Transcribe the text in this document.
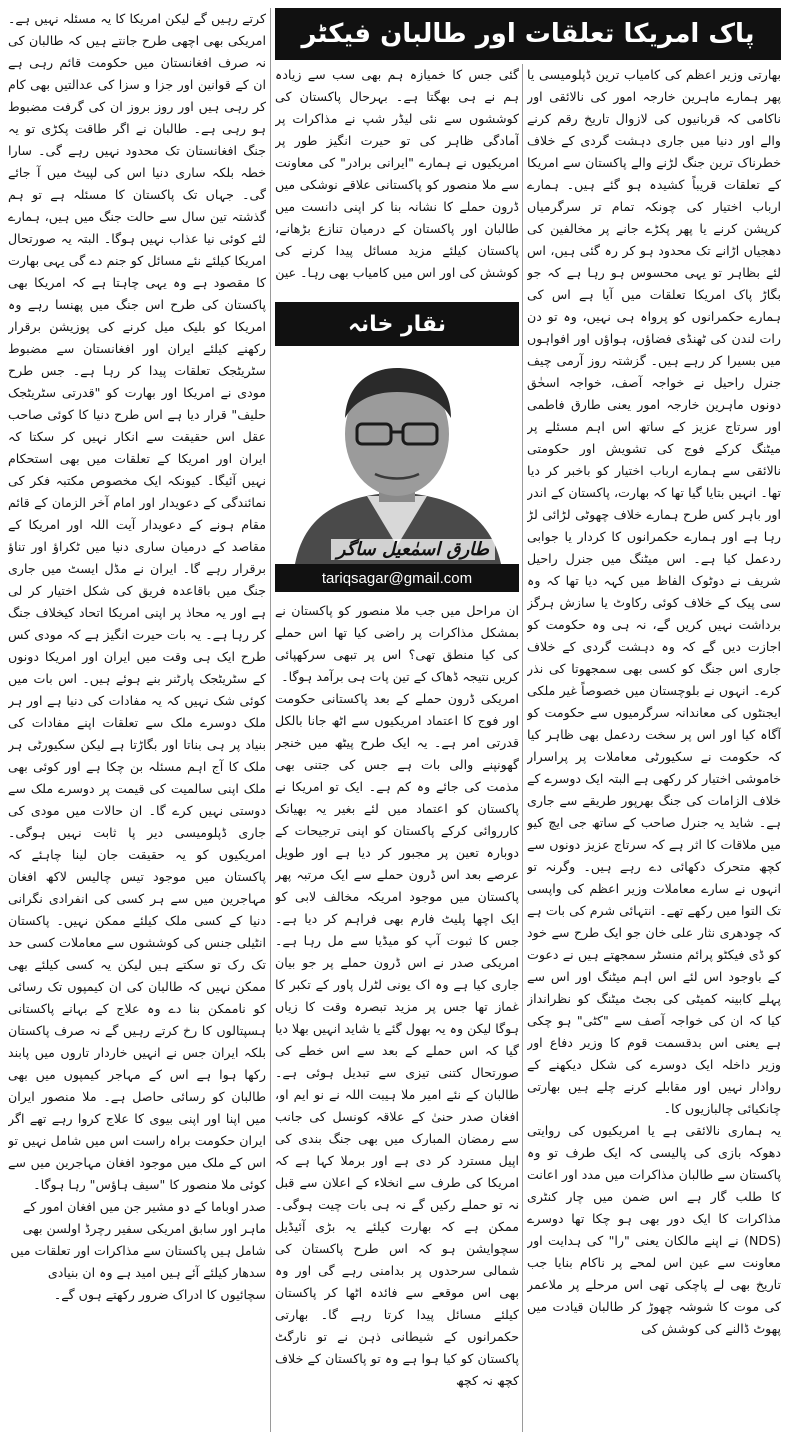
پاک امریکا تعلقات اور طالبان فیکٹر

بھارتی وزیر اعظم کی کامیاب ترین ڈپلومیسی یا پھر ہمارے ماہرین خارجہ امور کی نالائقی اور ناکامی کہ قربانیوں کی لازوال تاریخ رقم کرنے والے اور دنیا میں جاری دہشت گردی کے خلاف خطرناک ترین جنگ لڑنے والے پاکستان سے امریکا کے تعلقات قریباً کشیدہ ہو گئے ہیں۔ ہمارے ارباب اختیار کی چونکہ تمام تر سرگرمیاں کرپشن کرنے یا پھر پکڑے جانے پر مخالفین کی دھجیاں اڑانے تک محدود ہو کر رہ گئی ہیں، اس لئے بظاہر تو یہی محسوس ہو رہا ہے کہ جو بگاڑ پاک امریکا تعلقات میں آیا ہے اس کی ہمارے حکمرانوں کو پرواہ ہی نہیں، وہ تو دن رات لندن کی ٹھنڈی فضاؤں، ہواؤں اور افواہوں میں بسیرا کر رہے ہیں۔ گزشتہ روز آرمی چیف جنرل راحیل نے خواجہ آصف، خواجہ اسحٰق دونوں ماہرین خارجہ امور یعنی طارق فاطمی اور سرتاج عزیز کے ساتھ اس اہم مسئلے پر میٹنگ کرکے فوج کی تشویش اور حکومتی نالائقی سے ہمارے ارباب اختیار کو باخبر کر دیا تھا۔ انہیں بتایا گیا تھا کہ بھارت، پاکستان کے اندر اور باہر کس طرح ہمارے خلاف چھوٹی لڑائی لڑ رہا ہے اور ہمارے حکمرانوں کا کردار یا جوابی ردعمل کیا ہے۔ اس میٹنگ میں جنرل راحیل شریف نے دوٹوک الفاظ میں کہہ دیا تھا کہ وہ سی پیک کے خلاف کوئی رکاوٹ یا سازش ہرگز برداشت نہیں کریں گے، نہ ہی وہ حکومت کو اجازت دیں گے کہ وہ دہشت گردی کے خلاف جاری اس جنگ کو کسی بھی سمجھوتا کی نذر کرے۔ انہوں نے بلوچستان میں خصوصاً غیر ملکی ایجنٹوں کی معاندانہ سرگرمیوں سے حکومت کو آگاہ کیا اور اس پر سخت ردعمل بھی ظاہر کیا کہ حکومت نے سکیورٹی معاملات پر پراسرار خاموشی اختیار کر رکھی ہے البتہ ایک دوسرے کے خلاف الزامات کی جنگ بھرپور طریقے سے جاری ہے۔ شاید یہ جنرل صاحب کے ساتھ جی ایچ کیو میں ملاقات کا اثر ہے کہ سرتاج عزیز دونوں سے کچھ متحرک دکھائی دے رہے ہیں۔ وگرنہ تو انہوں نے سارے معاملات وزیر اعظم کی واپسی تک التوا میں رکھے تھے۔ انتہائی شرم کی بات ہے کہ چودھری نثار علی خان جو ایک طرح سے خود کو ڈی فیکٹو پرائم منسٹر سمجھتے ہیں نے دعوت کے باوجود اس لئے اس اہم میٹنگ اور اس سے پہلے کابینہ کمیٹی کی بجٹ میٹنگ کو نظرانداز کیا کہ ان کی خواجہ آصف سے "کٹی" ہو چکی ہے یعنی اس بدقسمت قوم کا وزیر دفاع اور وزیر داخلہ ایک دوسرے کی شکل دیکھنے کے روادار نہیں اور مقابلے کرنے چلے ہیں بھارتی چانکیائی چالبازیوں کا۔

یہ ہماری نالائقی ہے یا امریکیوں کی روایتی دھوکہ بازی کی پالیسی کہ ایک طرف تو وہ پاکستان سے طالبان مذاکرات میں مدد اور اعانت کا طلب گار ہے اس ضمن میں چار کنٹری مذاکرات کا ایک دور بھی ہو چکا تھا دوسرے (NDS) نے اپنے مالکان یعنی "را" کی ہدایت اور معاونت سے عین اس لمحے پر ناکام بنایا جب تاریخ بھی لے پاچکی تھی اس مرحلے پر ملاعمر کی موت کا شوشہ چھوڑ کر طالبان قیادت میں پھوٹ ڈالنے کی کوشش کی

گئی جس کا خمیازہ ہم بھی سب سے زیادہ ہم نے ہی بھگتا ہے۔ بہرحال پاکستان کی کوششوں سے نئی لیڈر شپ نے مذاکرات پر آمادگی ظاہر کی تو حیرت انگیز طور پر امریکیوں نے ہمارے "ایرانی برادر" کی معاونت سے ملا منصور کو پاکستانی علاقے نوشکی میں ڈرون حملے کا نشانہ بنا کر اپنی دانست میں طالبان اور پاکستان کے درمیان تنازع بڑھانے، پاکستان کیلئے مزید مسائل پیدا کرنے کی کوشش کی اور اس میں کامیاب بھی رہا۔ عین

نقار خانہ
طارق اسمٰعیل ساگر
tariqsagar@gmail.com

ان مراحل میں جب ملا منصور کو پاکستان نے بمشکل مذاکرات پر راضی کیا تھا اس حملے کی کیا منطق تھی؟ اس پر تبھی سرکھپائی کریں نتیجہ ڈھاک کے تین پات ہی برآمد ہوگا۔

امریکی ڈرون حملے کے بعد پاکستانی حکومت اور فوج کا اعتماد امریکیوں سے اٹھ جانا بالکل قدرتی امر ہے۔ یہ ایک طرح پیٹھ میں خنجر گھونپنے والی بات ہے جس کی جتنی بھی مذمت کی جائے وہ کم ہے۔ ایک تو امریکا نے پاکستان کو اعتماد میں لئے بغیر یہ بھیانک کارروائی کرکے پاکستان کو اپنی ترجیحات کے دوبارہ تعین پر مجبور کر دیا ہے اور طویل عرصے بعد اس ڈرون حملے سے ایک مرتبہ پھر پاکستان میں موجود امریکہ مخالف لابی کو ایک اچھا پلیٹ فارم بھی فراہم کر دیا ہے۔ جس کا ثبوت آپ کو میڈیا سے مل رہا ہے۔ امریکی صدر نے اس ڈرون حملے پر جو بیان جاری کیا ہے وہ اک یونی لٹرل پاور کے تکبر کا غماز تھا جس پر مزید تبصرہ وقت کا زیاں ہوگا لیکن وہ یہ بھول گئے یا شاید انہیں بھلا دیا گیا کہ اس حملے کے بعد سے اس خطے کی صورتحال کتنی تیزی سے تبدیل ہوئی ہے۔ طالبان کے نئے امیر ملا ہیبت اللہ نے نو ایم او، افغان صدر حنیٰ کے علاقہ کونسل کی جانب سے رمضان المبارک میں بھی جنگ بندی کی اپیل مسترد کر دی ہے اور برملا کہا ہے کہ امریکا کی طرف سے انخلاء کے اعلان سے قبل نہ تو حملے رکیں گے نہ ہی بات چیت ہوگی۔ ممکن ہے کہ بھارت کیلئے یہ بڑی آئیڈیل سچوایشن ہو کہ اس طرح پاکستان کی شمالی سرحدوں پر بدامنی رہے گی اور وہ بھی اس موقعے سے فائدہ اٹھا کر پاکستان کیلئے مسائل پیدا کرتا رہے گا۔ بھارتی حکمرانوں کے شیطانی ذہن نے تو نارگٹ پاکستان کو کیا ہوا ہے وہ تو پاکستان کے خلاف کچھ نہ کچھ

کرتے رہیں گے لیکن امریکا کا یہ مسئلہ نہیں ہے۔ امریکی بھی اچھی طرح جانتے ہیں کہ طالبان کی نہ صرف افغانستان میں حکومت قائم رہی ہے ان کے قوانین اور جزا و سزا کی عدالتیں بھی کام کر رہی ہیں اور روز بروز ان کی گرفت مضبوط ہو رہی ہے۔ طالبان نے اگر طاقت پکڑی تو یہ جنگ افغانستان تک محدود نہیں رہے گی۔ سارا خطہ بلکہ ساری دنیا اس کی لپیٹ میں آ جائے گی۔ جہاں تک پاکستان کا مسئلہ ہے تو ہم گذشتہ تین سال سے حالت جنگ میں ہیں، ہمارے لئے کوئی نیا عذاب نہیں ہوگا۔ البتہ یہ صورتحال امریکا کیلئے نئے مسائل کو جنم دے گی یہی بھارت کا مقصود ہے وہ یہی چاہتا ہے کہ امریکا بھی پاکستان کی طرح اس جنگ میں پھنسا رہے وہ امریکا کو بلیک میل کرنے کی پوزیشن برقرار رکھنے کیلئے ایران اور افغانستان سے مضبوط سٹریٹجک تعلقات پیدا کر رہا ہے۔ جس طرح مودی نے امریکا اور بھارت کو "قدرتی سٹریٹجک حلیف" قرار دیا ہے اس طرح دنیا کا کوئی صاحب عقل اس حقیقت سے انکار نہیں کر سکتا کہ ایران اور امریکا کے تعلقات میں بھی استحکام نہیں آئیگا۔ کیونکہ ایک مخصوص مکتبہ فکر کی نمائندگی کے دعویدار اور امام آخر الزمان کے قائم مقام ہونے کے دعویدار آیت اللہ اور امریکا کے مقاصد کے درمیان ساری دنیا میں ٹکراؤ اور تناؤ برقرار رہے گا۔ ایران نے مڈل ایسٹ میں جاری جنگ میں باقاعدہ فریق کی شکل اختیار کر لی ہے اور یہ محاذ پر اپنی امریکا اتحاد کیخلاف جنگ کر رہا ہے۔ یہ بات حیرت انگیز ہے کہ مودی کس طرح ایک ہی وقت میں ایران اور امریکا دونوں کے سٹریٹجک پارٹنر بنے ہوئے ہیں۔ اس بات میں کوئی شک نہیں کہ یہ مفادات کی دنیا ہے اور ہر ملک دوسرے ملک سے تعلقات اپنے مفادات کی بنیاد پر ہی بناتا اور بگاڑتا ہے لیکن سکیورٹی ہر ملک کا آج اہم مسئلہ بن چکا ہے اور کوئی بھی ملک اپنی سالمیت کی قیمت پر دوسرے ملک سے دوستی نہیں کرے گا۔ ان حالات میں مودی کی جاری ڈپلومیسی دیر پا ثابت نہیں ہوگی۔ امریکیوں کو یہ حقیقت جان لینا چاہئے کہ پاکستان میں موجود تیس چالیس لاکھ افغان مہاجرین میں سے ہر کسی کی انفرادی نگرانی دنیا کے کسی ملک کیلئے ممکن نہیں۔ پاکستان انٹیلی جنس کی کوششوں سے معاملات کسی حد تک رک تو سکتے ہیں لیکن یہ کسی کیلئے بھی ممکن نہیں کہ طالبان کی ان کیمپوں تک رسائی کو ناممکن بنا دے وہ علاج کے بہانے پاکستانی ہسپتالوں کا رخ کرتے رہیں گے نہ صرف پاکستان بلکہ ایران جس نے انہیں خاردار تاروں میں پابند رکھا ہوا ہے اس کے مہاجر کیمپوں میں بھی طالبان کو رسائی حاصل ہے۔ ملا منصور ایران میں اپنا اور اپنی بیوی کا علاج کروا رہے تھے اگر ایران حکومت براہ راست اس میں شامل نہیں تو اس کے ملک میں موجود افغان مہاجرین میں سے کوئی ملا منصور کا "سیف ہاؤس" رہا ہوگا۔

صدر اوباما کے دو مشیر جن میں افغان امور کے ماہر اور سابق امریکی سفیر رچرڈ اولسن بھی شامل ہیں پاکستان سے مذاکرات اور تعلقات میں سدھار کیلئے آئے ہیں امید ہے وہ ان بنیادی سچائیوں کا ادراک ضرور رکھتے ہوں گے۔
